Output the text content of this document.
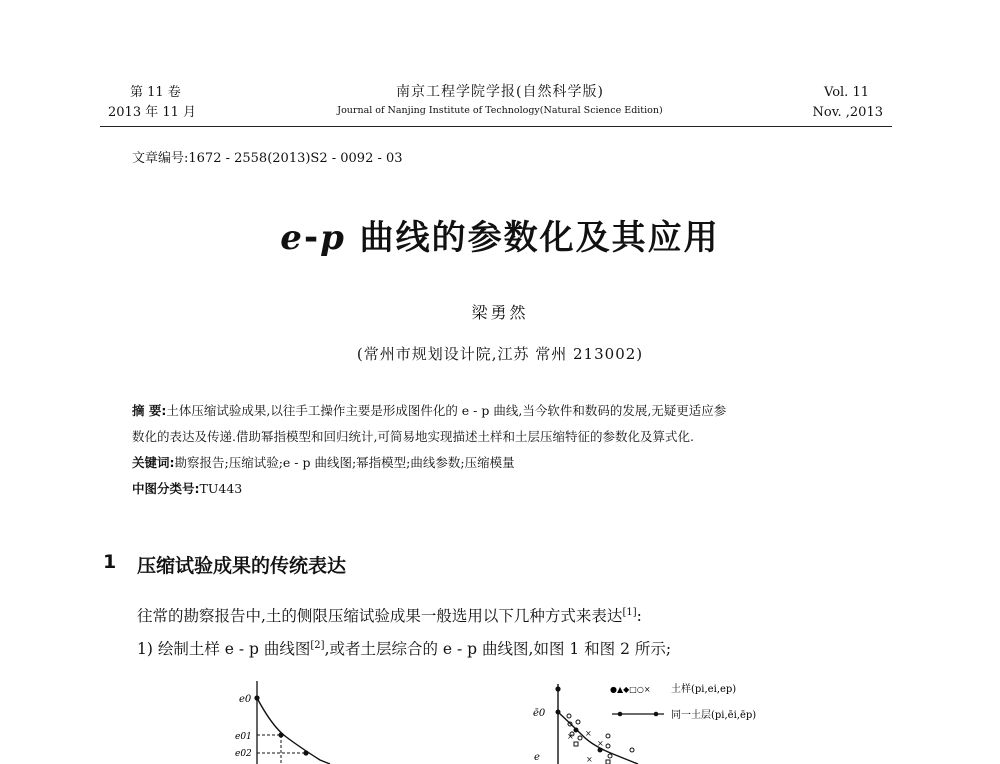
第 11 卷
2013 年 11 月
南京工程学院学报(自然科学版)
Journal of Nanjing Institute of Technology(Natural Science Edition)
Vol. 11
Nov. ,2013
文章编号:1672 - 2558(2013)S2 - 0092 - 03
e-p 曲线的参数化及其应用
梁勇然
(常州市规划设计院,江苏 常州 213002)
摘 要:土体压缩试验成果,以往手工操作主要是形成图件化的 e - p 曲线,当今软件和数码的发展,无疑更适应参
数化的表达及传递.借助幂指模型和回归统计,可简易地实现描述土样和土层压缩特征的参数化及算式化.
关键词:勘察报告;压缩试验;e - p 曲线图;幂指模型;曲线参数;压缩模量
中图分类号:TU443
1 压缩试验成果的传统表达
往常的勘察报告中,土的侧限压缩试验成果一般选用以下几种方式来表达[1]:
1) 绘制土样 e - p 曲线图[2],或者土层综合的 e - p 曲线图,如图 1 和图 2 所示;
e0
e01
e02	e
ē0
× ×
×
×
●▲◆□○× 土样(pi,ei,ep)
同一土层(pi,ēi,ēp)
